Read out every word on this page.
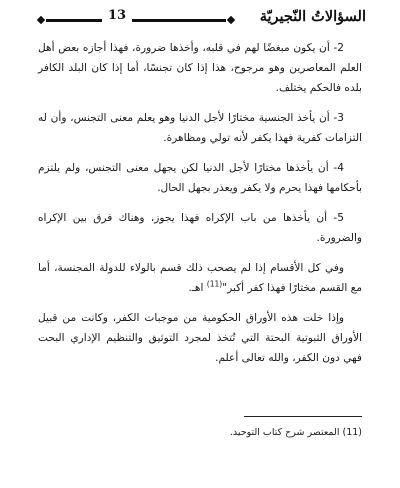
السؤالاتُ النّجيريّة
13

2- أن يكون مبغضًا لهم في قلبه، وأخذها ضرورة، فهذا أجازه بعض أهل العلم المعاصرين وهو مرجوح، هذا إذا كان تجنسًا، أما إذا كان البلد الكافر بلده فالحكم يختلف.

3- أن يأخذ الجنسية مختارًا لأجل الدنيا وهو يعلم معنى التجنس، وأن له التزامات كفرية فهذا يكفر لأنه تولي ومظاهرة.

4- أن يأخذها مختارًا لأجل الدنيا لكن يجهل معنى التجنس، ولم يلتزم بأحكامها فهذا يحرم ولا يكفر ويعذر بجهل الحال.

5- أن يأخذها من باب الإكراه فهذا يجوز، وهناك فرق بين الإكراه والضرورة.

وفي كل الأقسام إذا لم يصحب ذلك قسم بالولاء للدولة المجنسة، أما مع القسم مختارًا فهذا كفر أكبر"$^{(11)}$ اهـ.

وإذا خلت هذه الأوراق الحكومية من موجبات الكفر، وكانت من قبيل الأوراق الثبوتية البحتة التي تُتخذ لمجرد التوثيق والتنظيم الإداري البحت فهي دون الكفر، والله تعالى أعلم.

(11) المعتصر شرح كتاب التوحيد.
